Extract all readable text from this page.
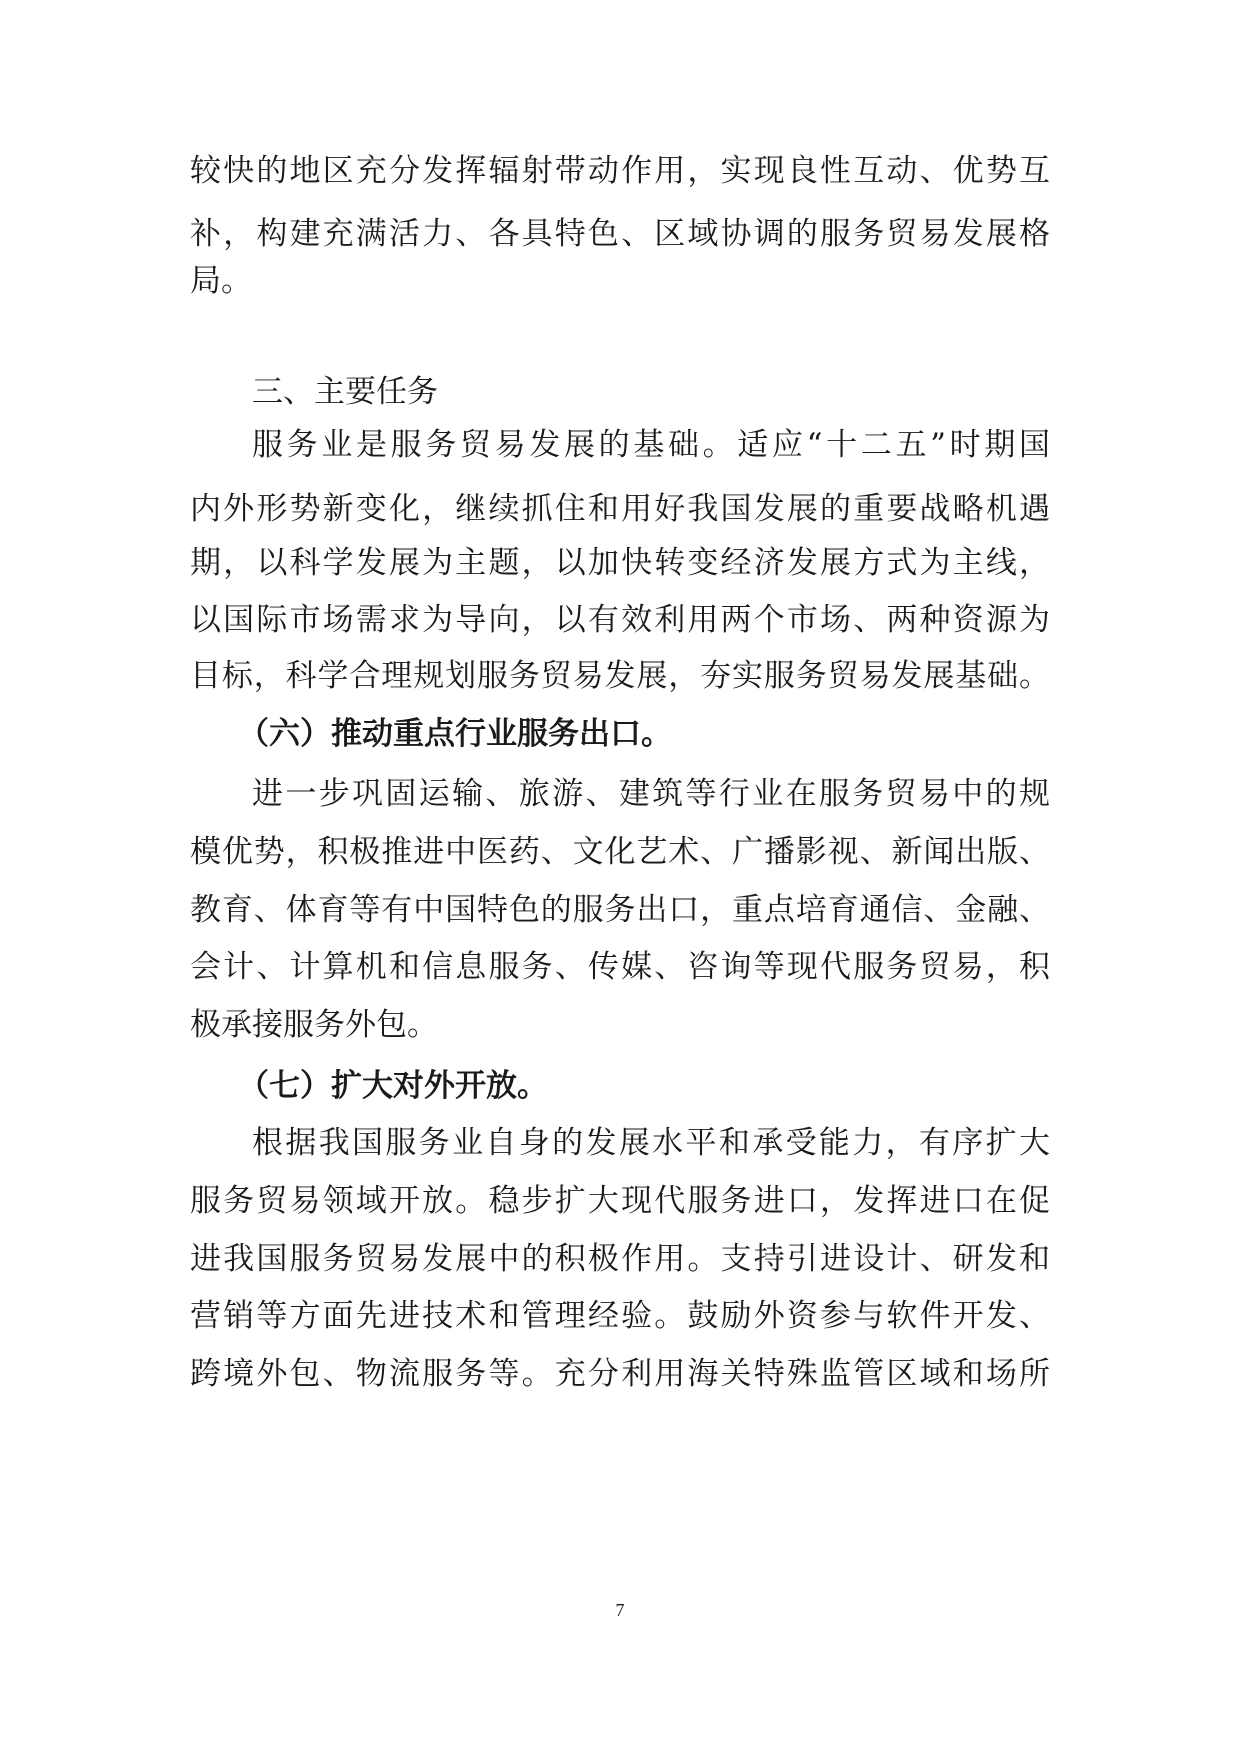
较快的地区充分发挥辐射带动作用，实现良性互动、优势互
补，构建充满活力、各具特色、区域协调的服务贸易发展格
局。
三、主要任务
服务业是服务贸易发展的基础。适应“十二五”时期国
内外形势新变化，继续抓住和用好我国发展的重要战略机遇
期，以科学发展为主题，以加快转变经济发展方式为主线，
以国际市场需求为导向，以有效利用两个市场、两种资源为
目标，科学合理规划服务贸易发展，夯实服务贸易发展基础。
（六）推动重点行业服务出口。
进一步巩固运输、旅游、建筑等行业在服务贸易中的规
模优势，积极推进中医药、文化艺术、广播影视、新闻出版、
教育、体育等有中国特色的服务出口，重点培育通信、金融、
会计、计算机和信息服务、传媒、咨询等现代服务贸易，积
极承接服务外包。
（七）扩大对外开放。
根据我国服务业自身的发展水平和承受能力，有序扩大
服务贸易领域开放。稳步扩大现代服务进口，发挥进口在促
进我国服务贸易发展中的积极作用。支持引进设计、研发和
营销等方面先进技术和管理经验。鼓励外资参与软件开发、
跨境外包、物流服务等。充分利用海关特殊监管区域和场所
7
